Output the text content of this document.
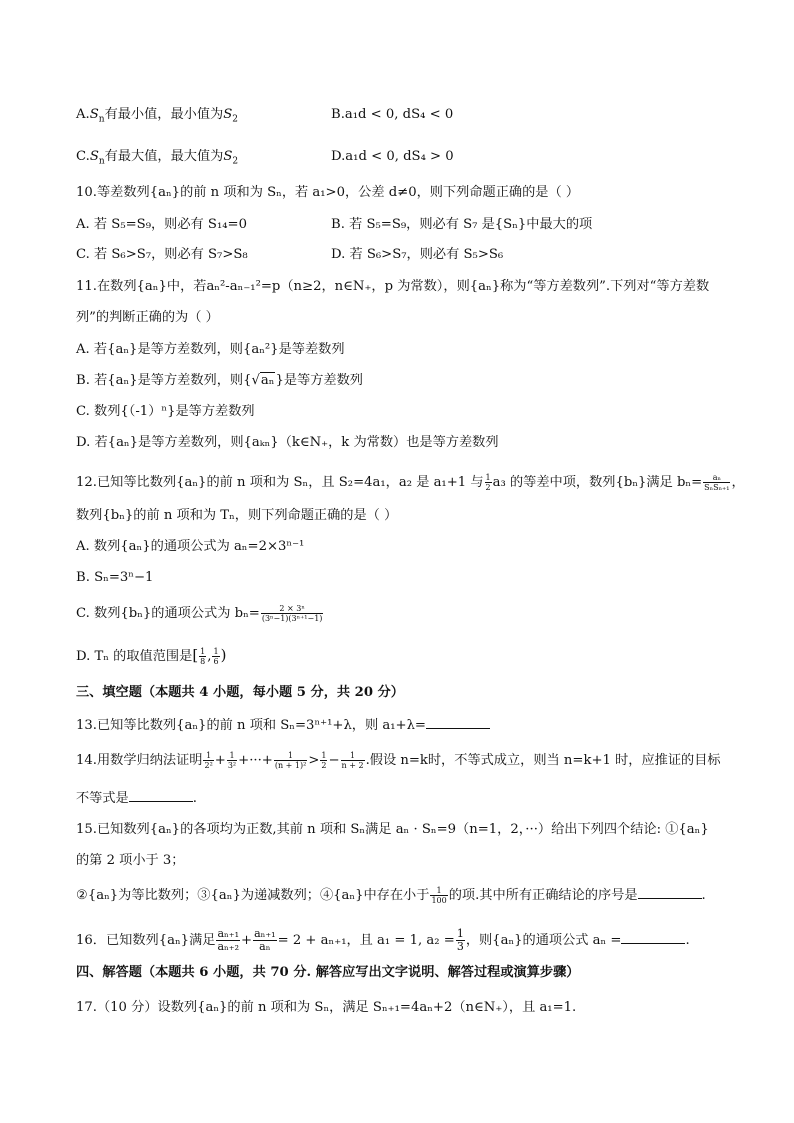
$A.S_n$有最小值，最小值为$S_2$	B.a₁d < 0, dS₄ < 0
$C.S_n$有最大值，最大值为$S_2$	D.a₁d < 0, dS₄ > 0
10.等差数列{aₙ}的前 n 项和为 Sₙ，若 a₁>0，公差 d≠0，则下列命题正确的是（ ）
A. 若 S₅=S₉，则必有 S₁₄=0	B. 若 S₅=S₉，则必有 S₇ 是{Sₙ}中最大的项
C. 若 S₆>S₇，则必有 S₇>S₈	D. 若 S₆>S₇，则必有 S₅>S₆
11.在数列{aₙ}中，若aₙ²-aₙ₋₁²=p（n≥2，n∈N₊，p 为常数），则{aₙ}称为“等方差数列”.下列对“等方差数
列”的判断正确的为（ ）
A. 若{aₙ}是等方差数列，则{aₙ²}是等差数列
B. 若{aₙ}是等方差数列，则{√aₙ}是等方差数列
C. 数列{（-1）ⁿ}是等方差数列
D. 若{aₙ}是等方差数列，则{aₖₙ}（k∈N₊，k 为常数）也是等方差数列
12.已知等比数列{aₙ}的前 n 项和为 Sₙ，且 S₂=4a₁，a₂ 是 a₁+1 与 $\frac{1}{2} a_3$ 的等差中项，数列{bₙ}满足 $b_n= \frac{\text{aₙ}}{\text{SₙSₙ₊₁}}$ ，
数列{bₙ}的前 n 项和为 Tₙ，则下列命题正确的是（ ）
A. 数列{aₙ}的通项公式为 aₙ=2×3ⁿ⁻¹
B. Sₙ=3ⁿ−1
C. 数列{bₙ}的通项公式为 $b_n= \frac{\text{2 × 3ⁿ}}{\text{(3ⁿ−1)(3ⁿ⁺¹−1)}}$
D. Tₙ 的取值范围是[ $\frac{1}{8}$ , $\frac{1}{6}$ )
三、填空题（本题共 4 小题，每小题 5 分，共 20 分）
13.已知等比数列{aₙ}的前 n 项和 Sₙ=3ⁿ⁺¹+λ，则 a₁+λ=
14.用数学归纳法证明 $\frac{1}{\text{2²}} + \frac{1}{\text{3²}}$ +···+ $\frac{1}{\text{(n + 1)²}} > \frac{1}{2} - \frac{1}{n + 2}$ .假设 n=k时，不等式成立，则当 n=k+1 时，应推证的目标
不等式是	.
15.已知数列{aₙ}的各项均为正数,其前 n 项和 Sₙ满足 aₙ · Sₙ=9（n=1，2，···）给出下列四个结论: ①{aₙ}
的第 2 项小于 3；
②{aₙ}为等比数列；③{aₙ}为递减数列；④{aₙ}中存在小于 $\frac{1}{100}$ 的项.其中所有正确结论的序号是	.
16．已知数列{aₙ}满足 $\frac{\text{aₙ₊₁}}{\text{aₙ₊₂}} + \frac{\text{aₙ₊₁}}{\text{aₙ}} = 2 + a_{n+1}$，且 a₁ = 1, $a_2 = \frac{1}{3}$ ，则{aₙ}的通项公式 aₙ =	.
四、解答题（本题共 6 小题，共 70 分. 解答应写出文字说明、解答过程或演算步骤）
17.（10 分）设数列{aₙ}的前 n 项和为 Sₙ，满足 Sₙ₊₁=4aₙ+2（n∈N₊），且 a₁=1.
